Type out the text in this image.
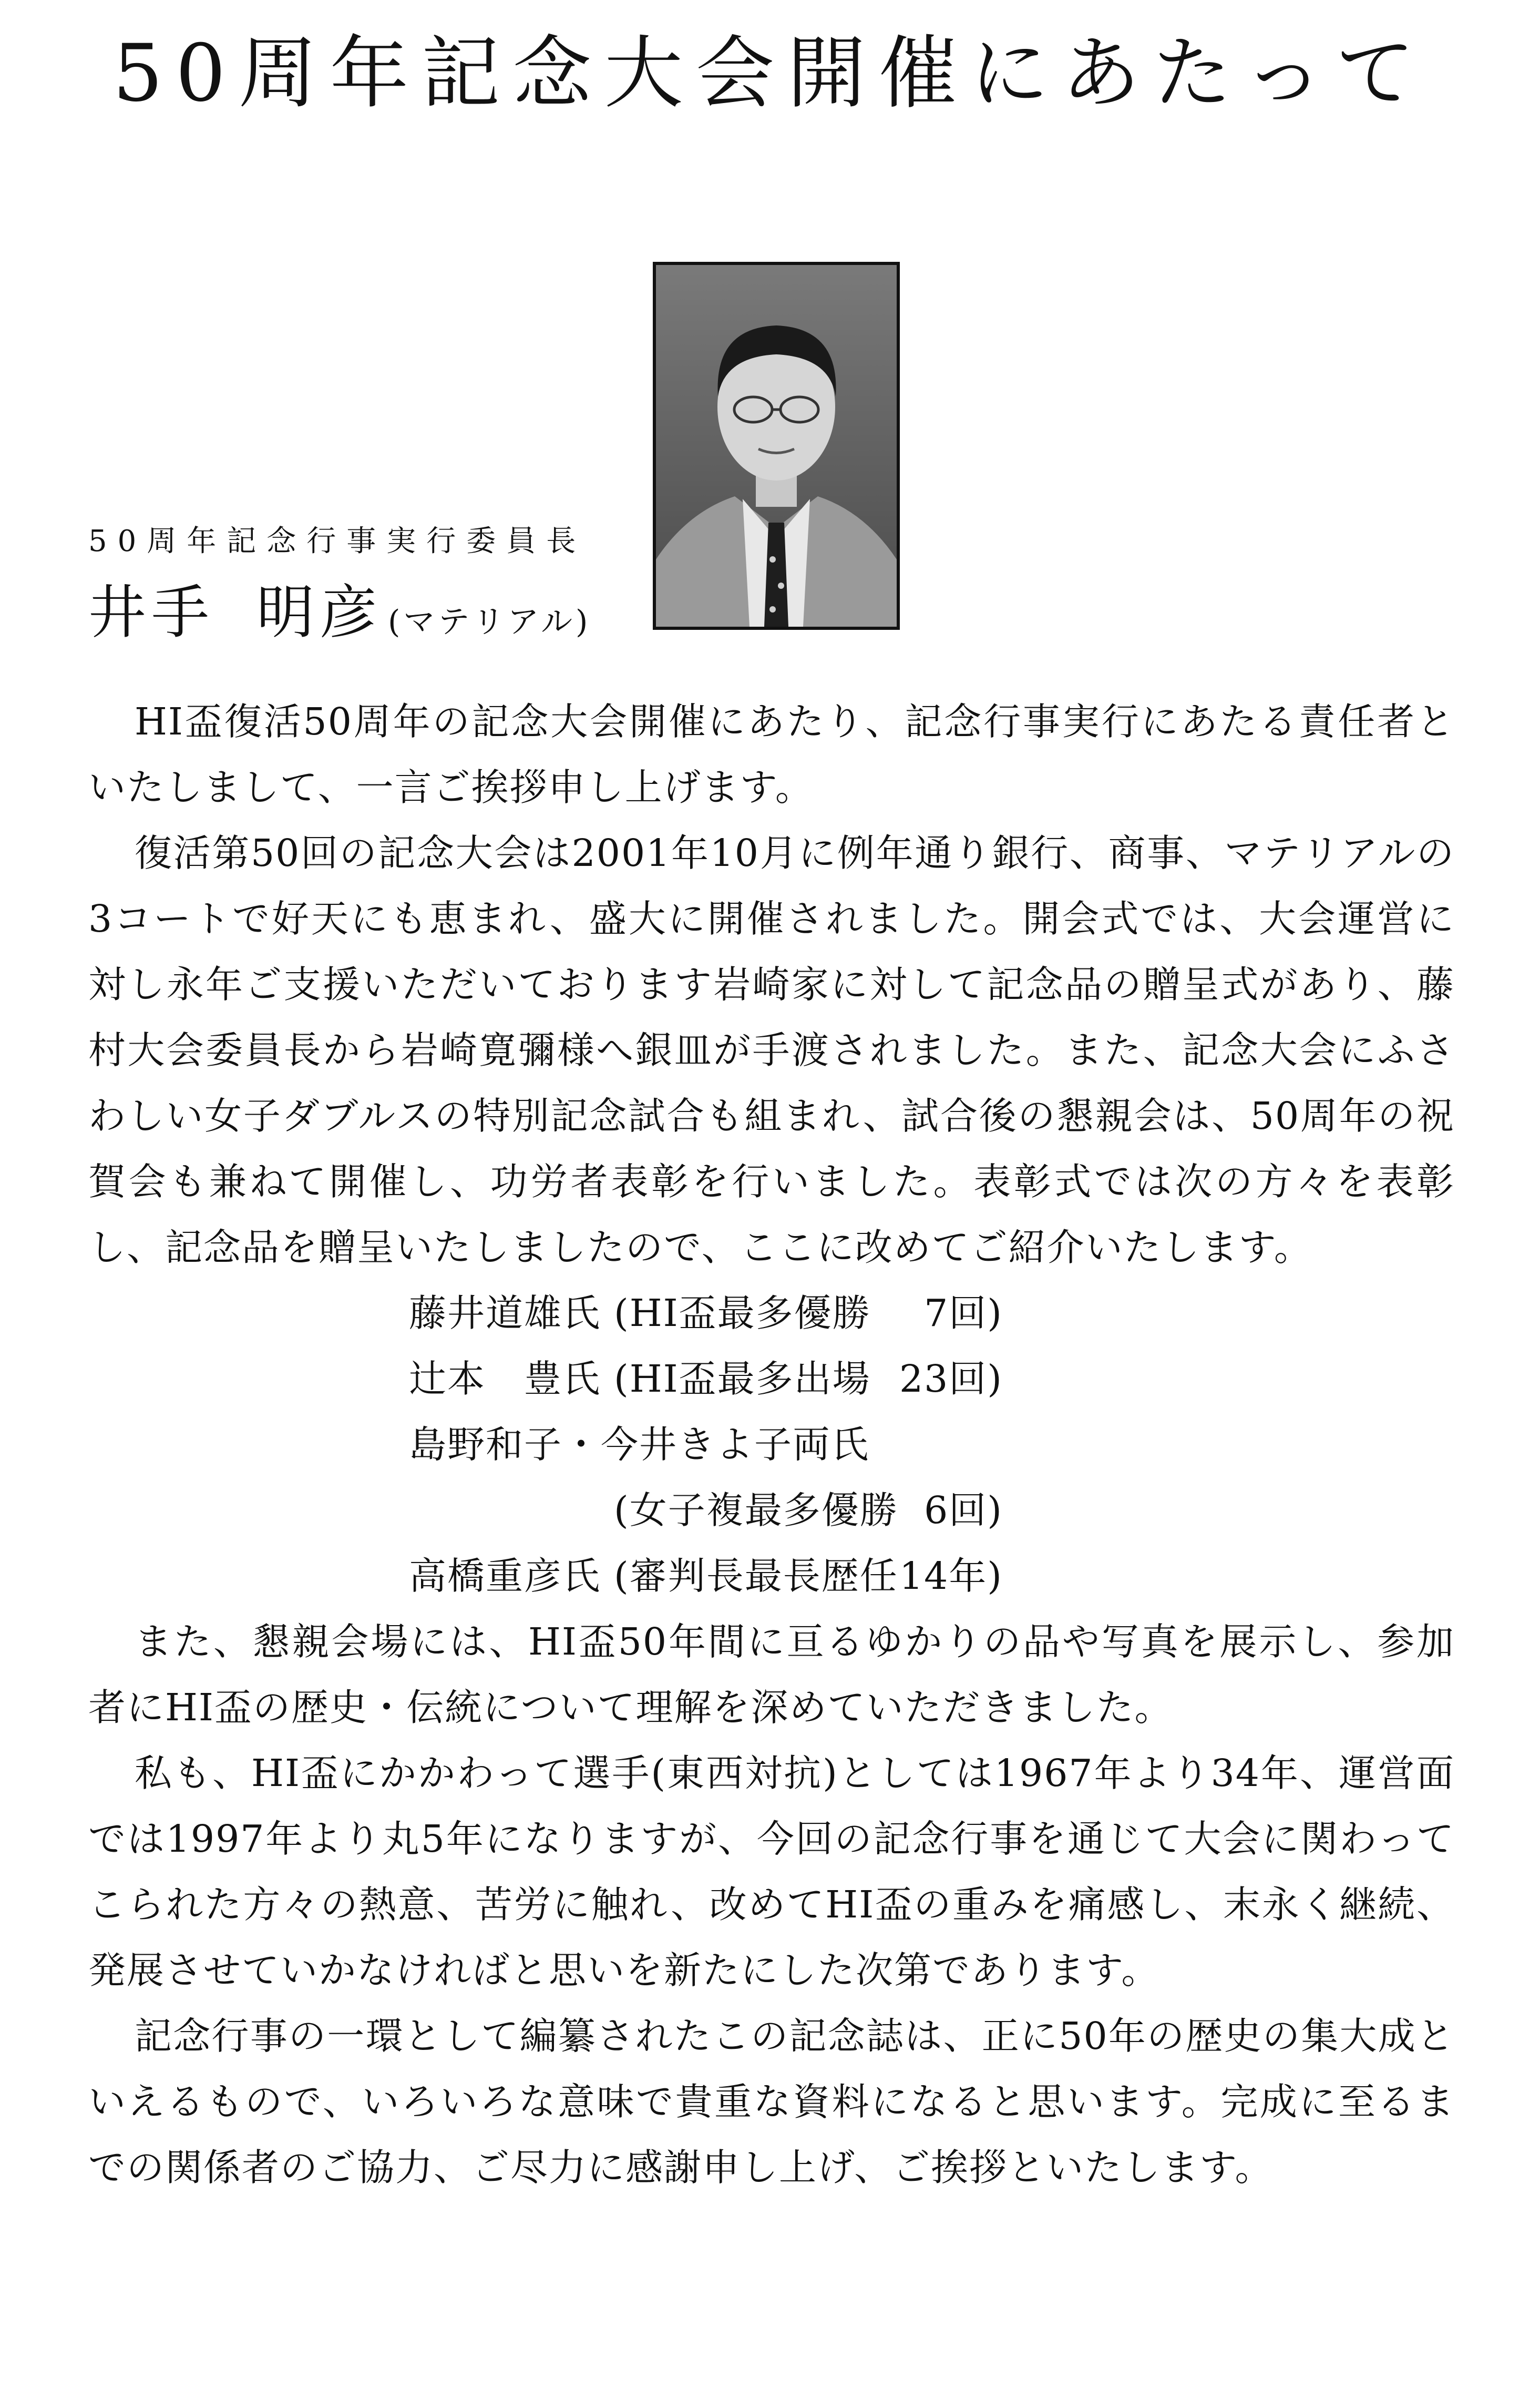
50周年記念大会開催にあたって
50周年記念行事実行委員長
井手 明彦 (マテリアル)

HI盃復活50周年の記念大会開催にあたり、記念行事実行にあたる責任者といたしまして、一言ご挨拶申し上げます。

復活第50回の記念大会は2001年10月に例年通り銀行、商事、マテリアルの3コートで好天にも恵まれ、盛大に開催されました。開会式では、大会運営に対し永年ご支援いただいております岩崎家に対して記念品の贈呈式があり、藤村大会委員長から岩崎寛彌様へ銀皿が手渡されました。また、記念大会にふさわしい女子ダブルスの特別記念試合も組まれ、試合後の懇親会は、50周年の祝賀会も兼ねて開催し、功労者表彰を行いました。表彰式では次の方々を表彰し、記念品を贈呈いたしましたので、ここに改めてご紹介いたします。

藤井道雄氏 (HI盃最多優勝	7回)
辻本　豊氏 (HI盃最多出場 23回)
島野和子・今井きよ子両氏
(女子複最多優勝 6回)
高橋重彦氏 (審判長最長歴任 14年)

また、懇親会場には、HI盃50年間に亘るゆかりの品や写真を展示し、参加者にHI盃の歴史・伝統について理解を深めていただきました。

私も、HI盃にかかわって選手(東西対抗)としては1967年より34年、運営面では1997年より丸5年になりますが、今回の記念行事を通じて大会に関わってこられた方々の熱意、苦労に触れ、改めてHI盃の重みを痛感し、末永く継続、発展させていかなければと思いを新たにした次第であります。

記念行事の一環として編纂されたこの記念誌は、正に50年の歴史の集大成といえるもので、いろいろな意味で貴重な資料になると思います。完成に至るまでの関係者のご協力、ご尽力に感謝申し上げ、ご挨拶といたします。
